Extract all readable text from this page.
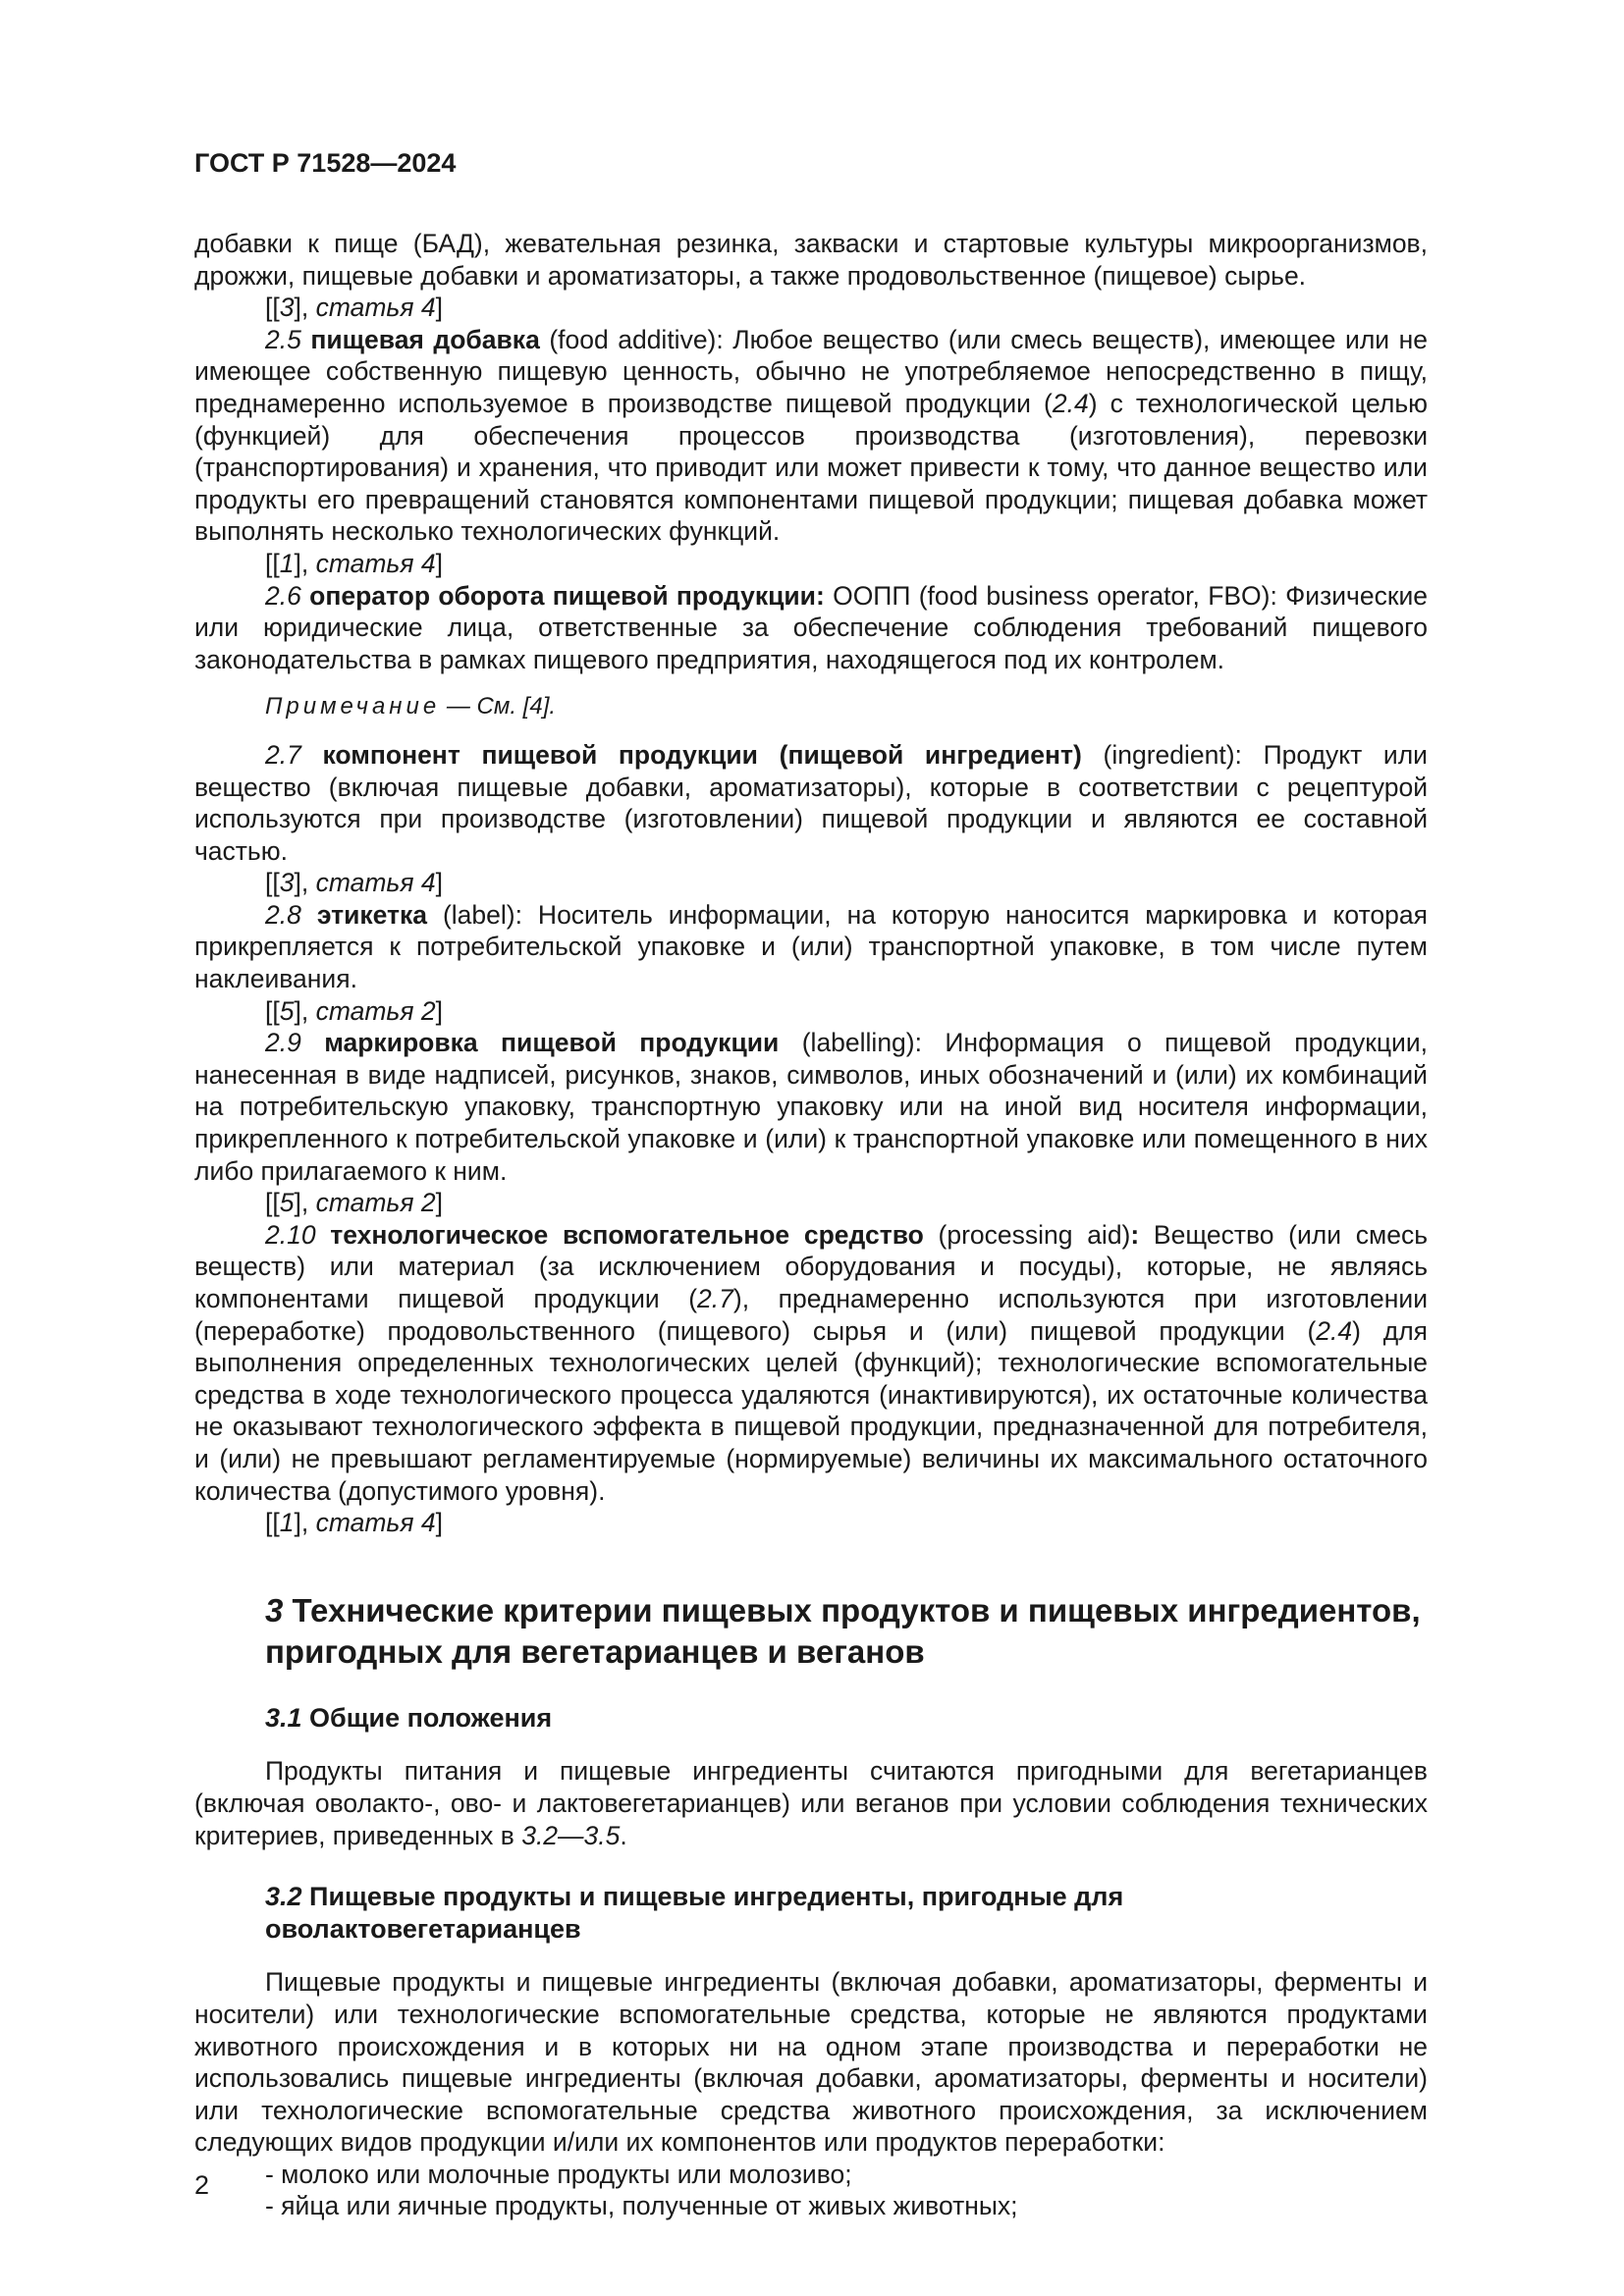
ГОСТ Р 71528—2024

добавки к пище (БАД), жевательная резинка, закваски и стартовые культуры микроорганизмов, дрожжи, пищевые добавки и ароматизаторы, а также продовольственное (пищевое) сырье.

[[3], статья 4]

2.5 пищевая добавка (food additive): Любое вещество (или смесь веществ), имеющее или не имеющее собственную пищевую ценность, обычно не употребляемое непосредственно в пищу, преднамеренно используемое в производстве пищевой продукции (2.4) с технологической целью (функцией) для обеспечения процессов производства (изготовления), перевозки (транспортирования) и хранения, что приводит или может привести к тому, что данное вещество или продукты его превращений становятся компонентами пищевой продукции; пищевая добавка может выполнять несколько технологических функций.

[[1], статья 4]

2.6 оператор оборота пищевой продукции: ООПП (food business operator, FBO): Физические или юридические лица, ответственные за обеспечение соблюдения требований пищевого законодательства в рамках пищевого предприятия, находящегося под их контролем.

Примечание — См. [4].

2.7 компонент пищевой продукции (пищевой ингредиент) (ingredient): Продукт или вещество (включая пищевые добавки, ароматизаторы), которые в соответствии с рецептурой используются при производстве (изготовлении) пищевой продукции и являются ее составной частью.

[[3], статья 4]

2.8 этикетка (label): Носитель информации, на которую наносится маркировка и которая прикрепляется к потребительской упаковке и (или) транспортной упаковке, в том числе путем наклеивания.

[[5], статья 2]

2.9 маркировка пищевой продукции (labelling): Информация о пищевой продукции, нанесенная в виде надписей, рисунков, знаков, символов, иных обозначений и (или) их комбинаций на потребительскую упаковку, транспортную упаковку или на иной вид носителя информации, прикрепленного к потребительской упаковке и (или) к транспортной упаковке или помещенного в них либо прилагаемого к ним.

[[5], статья 2]

2.10 технологическое вспомогательное средство (processing aid): Вещество (или смесь веществ) или материал (за исключением оборудования и посуды), которые, не являясь компонентами пищевой продукции (2.7), преднамеренно используются при изготовлении (переработке) продовольственного (пищевого) сырья и (или) пищевой продукции (2.4) для выполнения определенных технологических целей (функций); технологические вспомогательные средства в ходе технологического процесса удаляются (инактивируются), их остаточные количества не оказывают технологического эффекта в пищевой продукции, предназначенной для потребителя, и (или) не превышают регламентируемые (нормируемые) величины их максимального остаточного количества (допустимого уровня).

[[1], статья 4]

3 Технические критерии пищевых продуктов и пищевых ингредиентов, пригодных для вегетарианцев и веганов
3.1 Общие положения

Продукты питания и пищевые ингредиенты считаются пригодными для вегетарианцев (включая оволакто-, ово- и лактовегетарианцев) или веганов при условии соблюдения технических критериев, приведенных в 3.2—3.5.

3.2 Пищевые продукты и пищевые ингредиенты, пригодные для оволактовегетарианцев

Пищевые продукты и пищевые ингредиенты (включая добавки, ароматизаторы, ферменты и носители) или технологические вспомогательные средства, которые не являются продуктами животного происхождения и в которых ни на одном этапе производства и переработки не использовались пищевые ингредиенты (включая добавки, ароматизаторы, ферменты и носители) или технологические вспомогательные средства животного происхождения, за исключением следующих видов продукции и/или их компонентов или продуктов переработки:

- молоко или молочные продукты или молозиво;

- яйца или яичные продукты, полученные от живых животных;

2
